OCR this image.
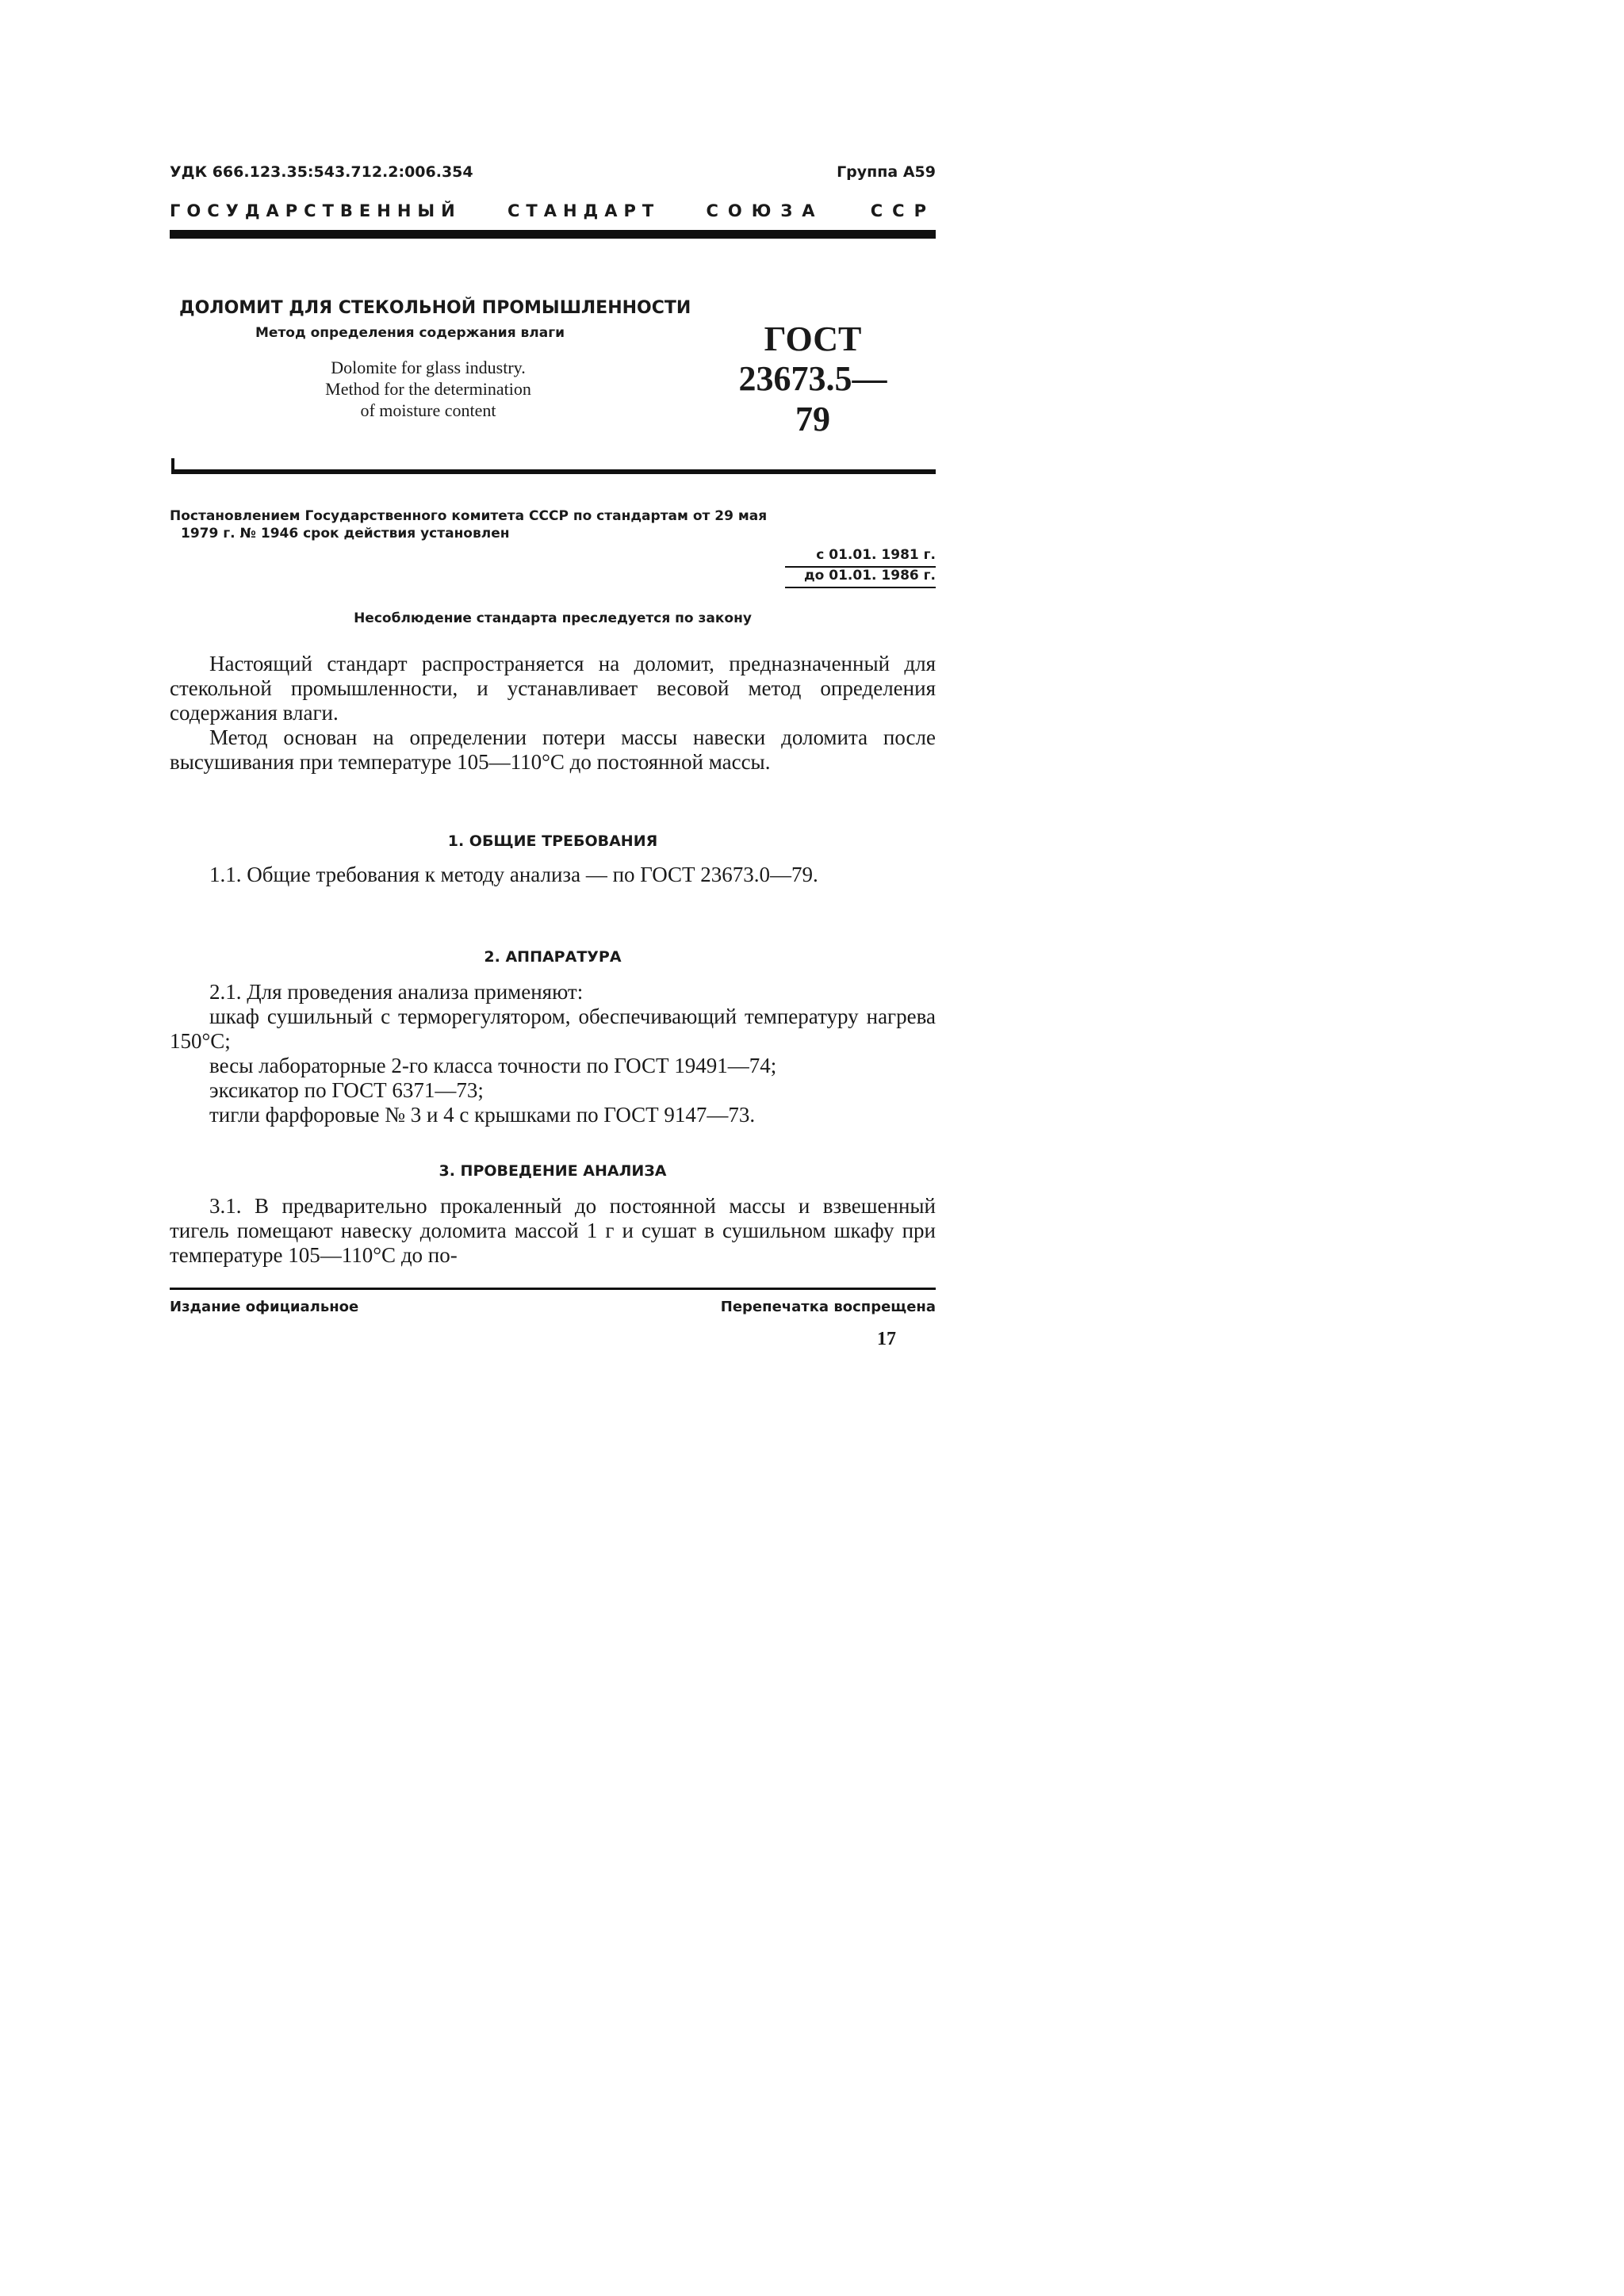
УДК 666.123.35:543.712.2:006.354	Группа А59
ГОСУДАРСТВЕННЫЙ	СТАНДАРТ	СОЮЗА	ССР
ДОЛОМИТ ДЛЯ СТЕКОЛЬНОЙ ПРОМЫШЛЕННОСТИ
Метод определения содержания влаги
Dolomite for glass industry.
Method for the determination
of moisture content
ГОСТ
23673.5—79
Постановлением Государственного комитета СССР по стандартам от 29 мая
1979 г. № 1946 срок действия установлен
с 01.01. 1981 г.
до 01.01. 1986 г.
Несоблюдение стандарта преследуется по закону

Настоящий стандарт распространяется на доломит, предназначенный для стекольной промышленности, и устанавливает весовой метод определения содержания влаги.

Метод основан на определении потери массы навески доломита после высушивания при температуре 105—110°С до постоянной массы.

1. ОБЩИЕ ТРЕБОВАНИЯ

1.1. Общие требования к методу анализа — по ГОСТ 23673.0—79.

2. АППАРАТУРА

2.1. Для проведения анализа применяют:

шкаф сушильный с терморегулятором, обеспечивающий температуру нагрева 150°С;

весы лабораторные 2-го класса точности по ГОСТ 19491—74;

эксикатор по ГОСТ 6371—73;

тигли фарфоровые № 3 и 4 с крышками по ГОСТ 9147—73.

3. ПРОВЕДЕНИЕ АНАЛИЗА

3.1. В предварительно прокаленный до постоянной массы и взвешенный тигель помещают навеску доломита массой 1 г и сушат в сушильном шкафу при температуре 105—110°С до по-

Издание официальное	Перепечатка воспрещена
17
